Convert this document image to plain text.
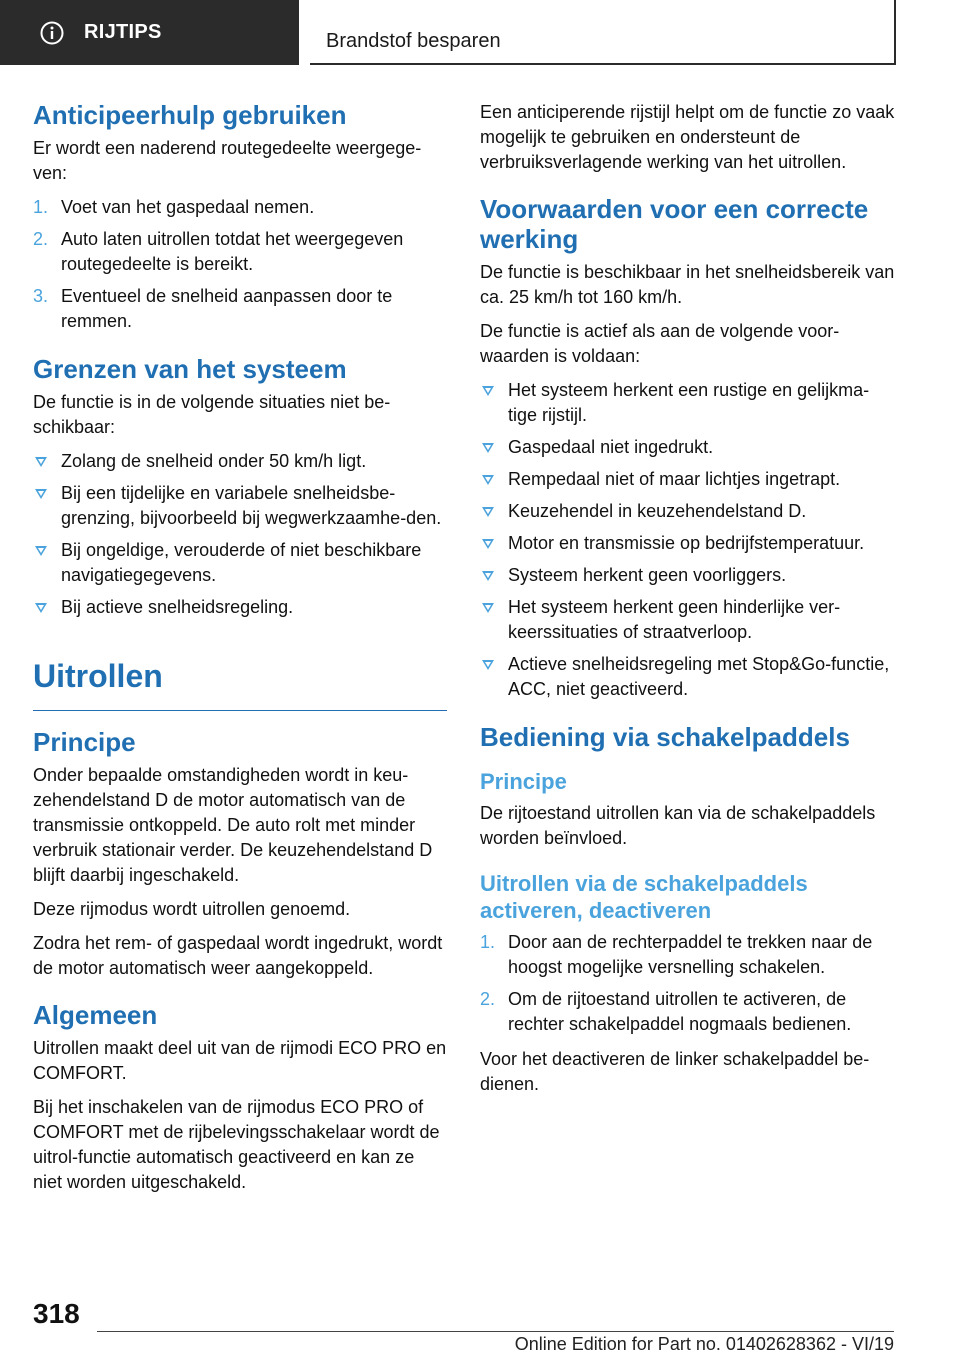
RIJTIPS	Brandstof besparen
Anticipeerhulp gebruiken

Er wordt een naderend routegedeelte weergege-ven:

1. Voet van het gaspedaal nemen.
2. Auto laten uitrollen totdat het weergegeven routegedeelte is bereikt.
3. Eventueel de snelheid aanpassen door te remmen.
Grenzen van het systeem

De functie is in de volgende situaties niet be-schikbaar:

Zolang de snelheid onder 50 km/h ligt.
Bij een tijdelijke en variabele snelheidsbe-grenzing, bijvoorbeeld bij wegwerkzaamhe-den.
Bij ongeldige, verouderde of niet beschikbare navigatiegegevens.
Bij actieve snelheidsregeling.
Uitrollen
Principe

Onder bepaalde omstandigheden wordt in keu-zehendelstand D de motor automatisch van de transmissie ontkoppeld. De auto rolt met minder verbruik stationair verder. De keuzehendelstand D blijft daarbij ingeschakeld.

Deze rijmodus wordt uitrollen genoemd.

Zodra het rem- of gaspedaal wordt ingedrukt, wordt de motor automatisch weer aangekoppeld.

Algemeen

Uitrollen maakt deel uit van de rijmodi ECO PRO en COMFORT.

Bij het inschakelen van de rijmodus ECO PRO of COMFORT met de rijbelevingsschakelaar wordt de uitrol-functie automatisch geactiveerd en kan ze niet worden uitgeschakeld.

Een anticiperende rijstijl helpt om de functie zo vaak mogelijk te gebruiken en ondersteunt de verbruiksverlagende werking van het uitrollen.

Voorwaarden voor een correcte werking

De functie is beschikbaar in het snelheidsbereik van ca. 25 km/h tot 160 km/h.

De functie is actief als aan de volgende voor-waarden is voldaan:

Het systeem herkent een rustige en gelijkma-tige rijstijl.
Gaspedaal niet ingedrukt.
Rempedaal niet of maar lichtjes ingetrapt.
Keuzehendel in keuzehendelstand D.
Motor en transmissie op bedrijfstemperatuur.
Systeem herkent geen voorliggers.
Het systeem herkent geen hinderlijke ver-keerssituaties of straatverloop.
Actieve snelheidsregeling met Stop&Go-functie, ACC, niet geactiveerd.
Bediening via schakelpaddels
Principe

De rijtoestand uitrollen kan via de schakelpaddels worden beïnvloed.

Uitrollen via de schakelpaddels activeren, deactiveren
1. Door aan de rechterpaddel te trekken naar de hoogst mogelijke versnelling schakelen.
2. Om de rijtoestand uitrollen te activeren, de rechter schakelpaddel nogmaals bedienen.

Voor het deactiveren de linker schakelpaddel be-dienen.

318
Online Edition for Part no. 01402628362 - VI/19
